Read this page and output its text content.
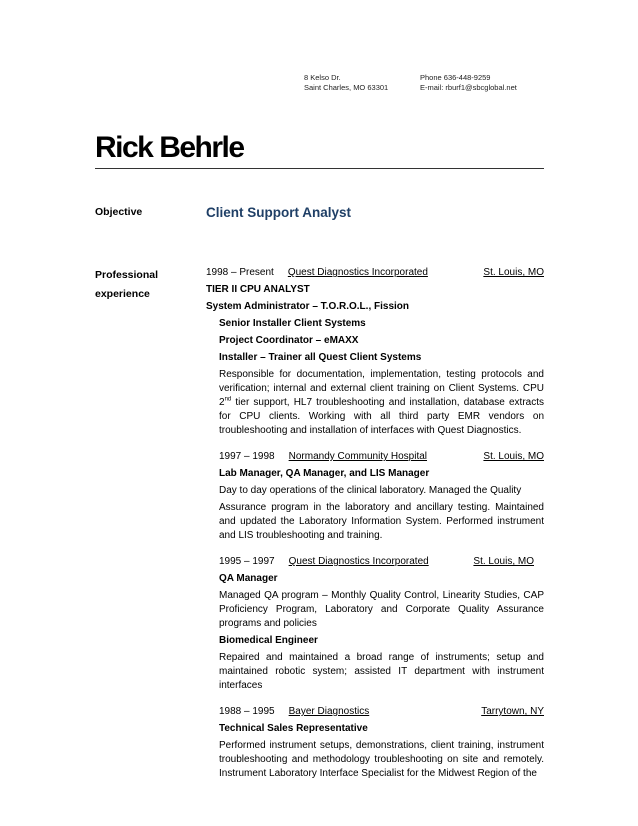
8 Kelso Dr.
Saint Charles, MO 63301
Phone 636-448-9259
E-mail: rburf1@sbcglobal.net
Rick Behrle
Objective	Client Support Analyst
Professional
experience
1998 – Present Quest Diagnostics Incorporated	St. Louis, MO
TIER II CPU ANALYST
System Administrator – T.O.R.O.L., Fission
Senior Installer Client Systems
Project Coordinator – eMAXX
Installer – Trainer all Quest Client Systems
Responsible for documentation, implementation, testing protocols and verification; internal and external client training on Client Systems. CPU 2nd tier support, HL7 troubleshooting and installation, database extracts for CPU clients. Working with all third party EMR vendors on troubleshooting and installation of interfaces with Quest Diagnostics.
1997 – 1998 Normandy Community Hospital	St. Louis, MO
Lab Manager, QA Manager, and LIS Manager
Day to day operations of the clinical laboratory. Managed the Quality
Assurance program in the laboratory and ancillary testing. Maintained and updated the Laboratory Information System. Performed instrument and LIS troubleshooting and training.
1995 – 1997 Quest Diagnostics Incorporated	St. Louis, MO
QA Manager
Managed QA program – Monthly Quality Control, Linearity Studies, CAP Proficiency Program, Laboratory and Corporate Quality Assurance programs and policies
Biomedical Engineer
Repaired and maintained a broad range of instruments; setup and maintained robotic system; assisted IT department with instrument interfaces
1988 – 1995 Bayer Diagnostics	Tarrytown, NY
Technical Sales Representative
Performed instrument setups, demonstrations, client training, instrument troubleshooting and methodology troubleshooting on site and remotely. Instrument Laboratory Interface Specialist for the Midwest Region of the
